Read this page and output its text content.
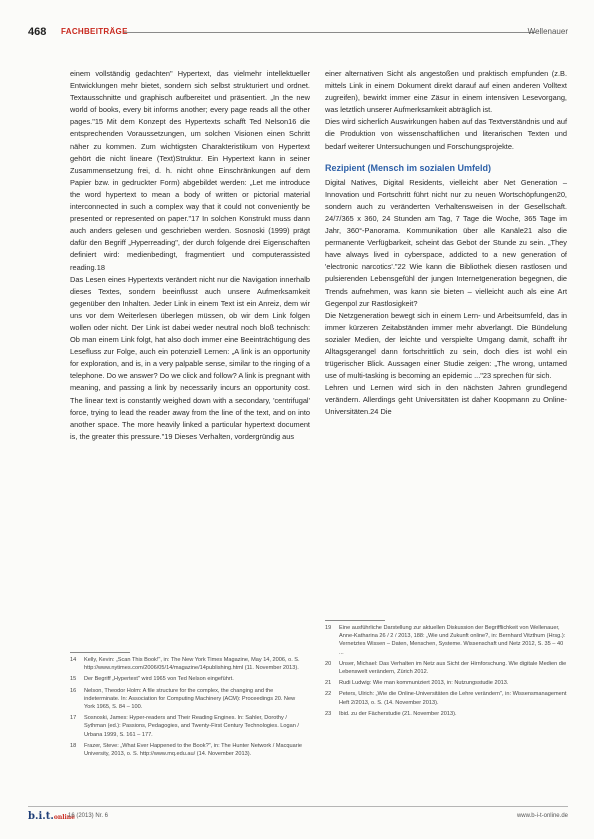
468 FACHBEITRÄGE	Wellenauer

einem vollständig gedachten" Hypertext, das vielmehr intellektueller Entwicklungen mehr bietet, sondern sich selbst strukturiert und ordnet. Textausschnitte und graphisch aufbereitet und präsentiert. „In the new world of books, every bit informs another; every page reads all the other pages."15 Mit dem Konzept des Hypertexts schafft Ted Nelson16 die entsprechenden Voraussetzungen, um solchen Visionen einen Schritt näher zu kommen. Zum wichtigsten Charakteristikum von Hypertext gehört die nicht lineare (Text)Struktur. Ein Hypertext kann in seiner Zusammensetzung frei, d. h. nicht ohne Einschränkungen auf dem Papier bzw. in gedruckter Form) abgebildet werden: „Let me introduce the word hypertext to mean a body of written or pictorial material interconnected in such a complex way that it could not conveniently be presented or represented on paper."17 In solchen Konstrukt muss dann auch anders gelesen und geschrieben werden. Sosnoski (1999) prägt dafür den Begriff „Hyperreading", der durch folgende drei Eigenschaften definiert wird: medienbedingt, fragmentiert und computerassisted reading.18

Das Lesen eines Hypertexts verändert nicht nur die Navigation innerhalb dieses Textes, sondern beeinflusst auch unsere Aufmerksamkeit gegenüber den Inhalten. Jeder Link in einem Text ist ein Anreiz, dem wir uns vor dem Weiterlesen überlegen müssen, ob wir dem Link folgen wollen oder nicht. Der Link ist dabei weder neutral noch bloß technisch: Ob man einem Link folgt, hat also doch immer eine Beeinträchtigung des Lesefluss zur Folge, auch ein potenziell Lernen: „A link is an opportunity for exploration, and is, in a very palpable sense, similar to the ringing of a telephone. Do we answer? Do we click and follow? A link is pregnant with meaning, and passing a link by necessarily incurs an opportunity cost. The linear text is constantly weighed down with a secondary, 'centrifugal' force, trying to lead the reader away from the line of the text, and on into another space. The more heavily linked a particular hypertext document is, the greater this pressure."19 Dieses Verhalten, vordergründig aus

einer alternativen Sicht als angestoßen und praktisch empfunden (z.B. mittels Link in einem Dokument direkt darauf auf einen anderen Volltext zugreifen), bewirkt immer eine Zäsur in einem intensiven Lesevorgang, was letztlich unserer Aufmerksamkeit abträglich ist.

Dies wird sicherlich Auswirkungen haben auf das Textverständnis und auf die Produktion von wissenschaftlichen und literarischen Texten und bedarf weiterer Untersuchungen und Forschungsprojekte.

Rezipient (Mensch im sozialen Umfeld)

Digital Natives, Digital Residents, vielleicht aber Net Generation – Innovation und Fortschritt führt nicht nur zu neuen Wortschöpfungen20, sondern auch zu veränderten Verhaltensweisen in der Gesellschaft. 24/7/365 x 360, 24 Stunden am Tag, 7 Tage die Woche, 365 Tage im Jahr, 360°-Panorama. Kommunikation über alle Kanäle21 also die permanente Verfügbarkeit, scheint das Gebot der Stunde zu sein. „They have always lived in cyberspace, addicted to a new generation of 'electronic narcotics'."22 Wie kann die Bibliothek diesen rastlosen und pulsierenden Lebensgefühl der jungen Internetgeneration begegnen, die Trends aufnehmen, was kann sie bieten – vielleicht auch als eine Art Gegenpol zur Rastlosigkeit?

Die Netzgeneration bewegt sich in einem Lern- und Arbeitsumfeld, das in immer kürzeren Zeitabständen immer mehr abverlangt. Die Bündelung sozialer Medien, der leichte und verspielte Umgang damit, schafft ihr Alltagsgerangel dann fortschrittlich zu sein, doch dies ist wohl ein trügerischer Blick. Aussagen einer Studie zeigen: „The wrong, untamed use of multi-tasking is becoming an epidemic ..."23 sprechen für sich.

Lehren und Lernen wird sich in den nächsten Jahren grundlegend verändern. Allerdings geht Universitäten ist daher Koopmann zu Online-Universitäten.24 Die

14	Kelly, Kevin: „Scan This Book!", in: The New York Times Magazine, May 14, 2006, o. S. http://www.nytimes.com/2006/05/14/magazine/14publishing.html (11. November 2013).
15	Der Begriff „Hypertext" wird 1965 von Ted Nelson eingeführt.
16	Nelson, Theodor Holm: A file structure for the complex, the changing and the indeterminate. In: Association for Computing Machinery (ACM): Proceedings 20. New York 1965, S. 84 – 100.
17	Sosnoski, James: Hyper-readers and Their Reading Engines. In: Sahler, Dorothy / Sythman (ed.): Passions, Pedagogies, and Twenty-First Century Technologies. Logan / Urbana 1999, S. 161 – 177.
18	Frazer, Steve: „What Ever Happened to the Book?", in: The Hunter Network / Macquarie University, 2013, o. S. http://www.mq.edu.au/ (14. November 2013).
19	Eine ausführliche Darstellung zur aktuellen Diskussion der Begrifflichkeit von Wellenauer, Anne-Katharina 26 / 2 / 2013, 188: „Wie und Zukunft online?, in: Bernhard Vitzthum (Hrsg.): Vernetztes Wissen – Daten, Menschen, Systeme. Wissenschaft und Netz 2012, S. 35 – 40 ...
20	Unser, Michael: Das Verhalten im Netz aus Sicht der Hirnforschung. Wie digitale Medien die Lebenswelt verändern, Zürich 2012.
21	Rudi Ludwig: Wie man kommuniziert 2013, in: Nutzungsstudie 2013.
22	Peters, Ulrich: „Wie die Online-Universitäten die Lehre verändern", in: Wissensmanagement Heft 2/2013, o. S. (14. November 2013).
23	Ibid. zu der Fächerstudie (21. November 2013).
b.i.t.online
16 (2013) Nr. 6	www.b-i-t-online.de
